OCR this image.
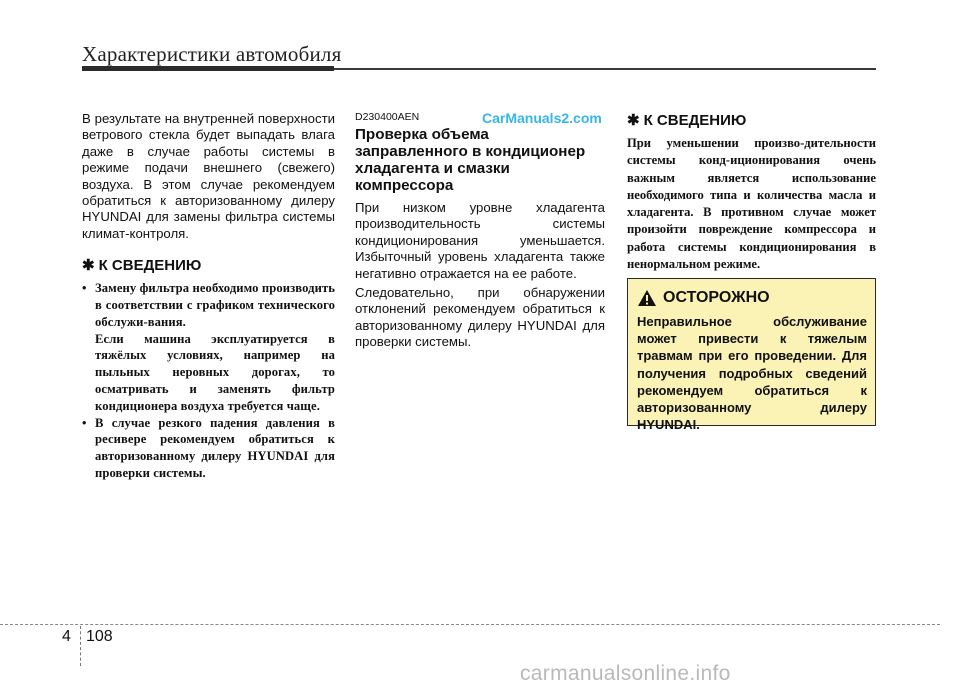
Характеристики автомобиля

В результате на внутренней поверхности ветрового стекла будет выпадать влага даже в случае работы системы в режиме подачи внешнего (свежего) воздуха. В этом случае рекомендуем обратиться к авторизованному дилеру HYUNDAI для замены фильтра системы климат-контроля.

✱ К СВЕДЕНИЮ
• Замену фильтра необходимо производить в соответствии с графиком технического обслужи-вания.
Если машина эксплуатируется в тяжёлых условиях, например на пыльных неровных дорогах, то осматривать и заменять фильтр кондиционера воздуха требуется чаще.
• В случае резкого падения давления в ресивере рекомендуем обратиться к авторизованному дилеру HYUNDAI для проверки системы.

D230400AEN

Проверка объема заправленного в кондиционер хладагента и смазки компрессора

При низком уровне хладагента производительность системы кондиционирования уменьшается. Избыточный уровень хладагента также негативно отражается на ее работе.

Следовательно, при обнаружении отклонений рекомендуем обратиться к авторизованному дилеру HYUNDAI для проверки системы.

CarManuals2.com ✱ К СВЕДЕНИЮ

При уменьшении произво-дительности системы конд-иционирования очень важным является использование необходимого типа и количества масла и хладагента. В противном случае может произойти повреждение компрессора и работа системы кондиционирования в ненормальном режиме.

ОСТОРОЖНО

Неправильное обслуживание может привести к тяжелым травмам при его проведении. Для получения подробных сведений рекомендуем обратиться к авторизованному дилеру HYUNDAI.

4 108
carmanualsonline.info
